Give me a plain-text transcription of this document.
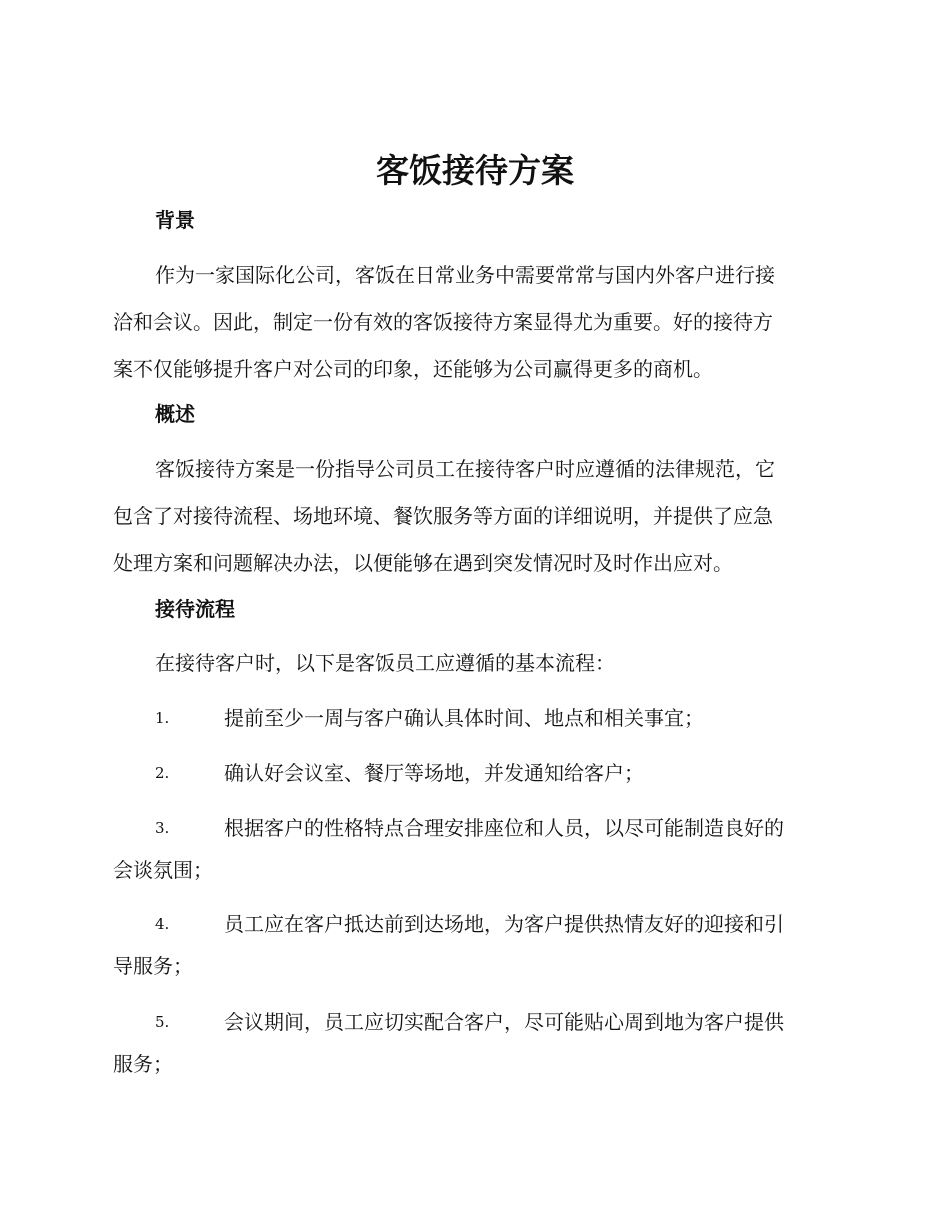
客饭接待方案
背景
作为一家国际化公司，客饭在日常业务中需要常常与国内外客户进行接
洽和会议。因此，制定一份有效的客饭接待方案显得尤为重要。好的接待方
案不仅能够提升客户对公司的印象，还能够为公司赢得更多的商机。
概述
客饭接待方案是一份指导公司员工在接待客户时应遵循的法律规范，它
包含了对接待流程、场地环境、餐饮服务等方面的详细说明，并提供了应急
处理方案和问题解决办法，以便能够在遇到突发情况时及时作出应对。
接待流程

在接待客户时，以下是客饭员工应遵循的基本流程：

1.	提前至少一周与客户确认具体时间、地点和相关事宜；
2.	确认好会议室、餐厅等场地，并发通知给客户；
3.	根据客户的性格特点合理安排座位和人员，以尽可能制造良好的
会谈氛围；
4.	员工应在客户抵达前到达场地，为客户提供热情友好的迎接和引
导服务；
5.	会议期间，员工应切实配合客户，尽可能贴心周到地为客户提供
服务；
